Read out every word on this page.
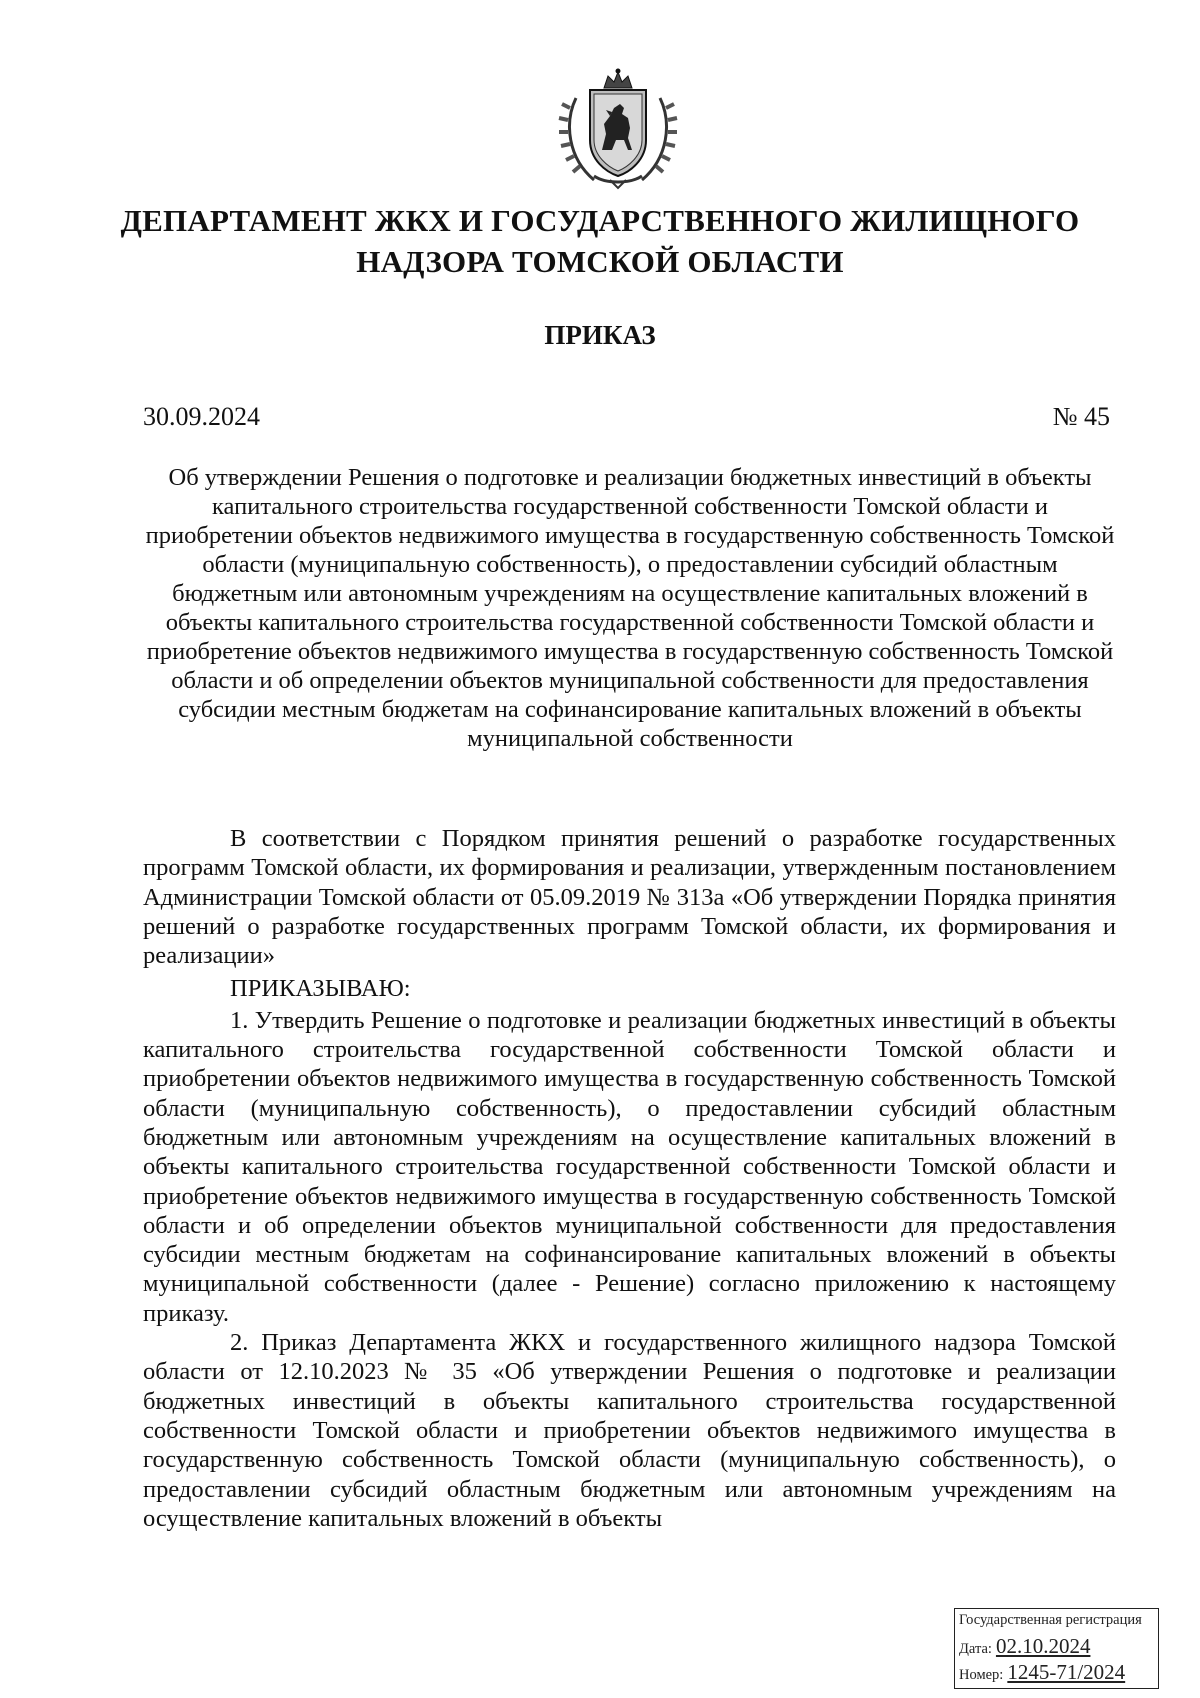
ДЕПАРТАМЕНТ ЖКХ И ГОСУДАРСТВЕННОГО ЖИЛИЩНОГО НАДЗОРА ТОМСКОЙ ОБЛАСТИ
ПРИКАЗ
30.09.2024	№ 45
Об утверждении Решения о подготовке и реализации бюджетных инвестиций в объекты капитального строительства государственной собственности Томской области и приобретении объектов недвижимого имущества в государственную собственность Томской области (муниципальную собственность), о предоставлении субсидий областным бюджетным или автономным учреждениям на осуществление капитальных вложений в объекты капитального строительства государственной собственности Томской области и приобретение объектов недвижимого имущества в государственную собственность Томской области и об определении объектов муниципальной собственности для предоставления субсидии местным бюджетам на софинансирование капитальных вложений в объекты муниципальной собственности

В соответствии с Порядком принятия решений о разработке государственных программ Томской области, их формирования и реализации, утвержденным постановлением Администрации Томской области от 05.09.2019 № 313а «Об утверждении Порядка принятия решений о разработке государственных программ Томской области, их формирования и реализации»

ПРИКАЗЫВАЮ:

1. Утвердить Решение о подготовке и реализации бюджетных инвестиций в объекты капитального строительства государственной собственности Томской области и приобретении объектов недвижимого имущества в государственную собственность Томской области (муниципальную собственность), о предоставлении субсидий областным бюджетным или автономным учреждениям на осуществление капитальных вложений в объекты капитального строительства государственной собственности Томской области и приобретение объектов недвижимого имущества в государственную собственность Томской области и об определении объектов муниципальной собственности для предоставления субсидии местным бюджетам на софинансирование капитальных вложений в объекты муниципальной собственности (далее - Решение) согласно приложению к настоящему приказу.

2. Приказ Департамента ЖКХ и государственного жилищного надзора Томской области от 12.10.2023 № 35 «Об утверждении Решения о подготовке и реализации бюджетных инвестиций в объекты капитального строительства государственной собственности Томской области и приобретении объектов недвижимого имущества в государственную собственность Томской области (муниципальную собственность), о предоставлении субсидий областным бюджетным или автономным учреждениям на осуществление капитальных вложений в объекты

Государственная регистрация
Дата: 02.10.2024
Номер: 1245-71/2024
